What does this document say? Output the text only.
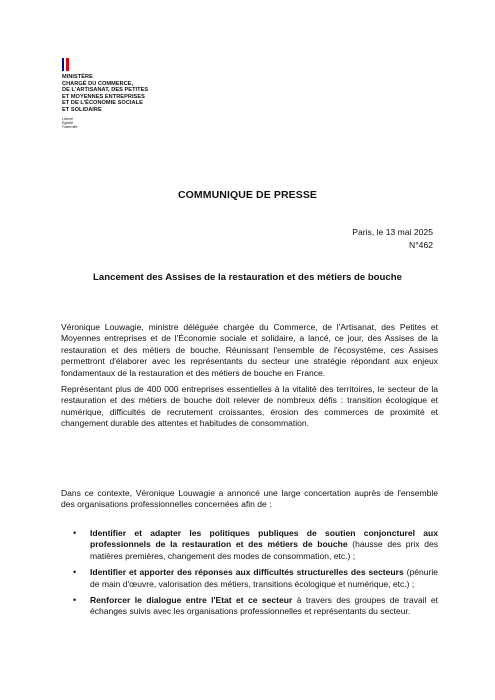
MINISTÈRE
CHARGÉ DU COMMERCE,
DE L'ARTISANAT, DES PETITES
ET MOYENNES ENTREPRISES
ET DE L'ÉCONOMIE SOCIALE
ET SOLIDAIRE
Liberté
Égalité
Fraternité
COMMUNIQUE DE PRESSE
Paris, le 13 mai 2025
N°462
Lancement des Assises de la restauration et des métiers de bouche
Véronique Louwagie, ministre déléguée chargée du Commerce, de l'Artisanat, des Petites et Moyennes entreprises et de l'Économie sociale et solidaire, a lancé, ce jour, des Assises de la restauration et des métiers de bouche. Réunissant l'ensemble de l'écosystème, ces Assises permettront d'élaborer avec les représentants du secteur une stratégie répondant aux enjeux fondamentaux de la restauration et des métiers de bouche en France.
Représentant plus de 400 000 entreprises essentielles à la vitalité des territoires, le secteur de la restauration et des métiers de bouche doit relever de nombreux défis : transition écologique et numérique, difficultés de recrutement croissantes, érosion des commerces de proximité et changement durable des attentes et habitudes de consommation.
Dans ce contexte, Véronique Louwagie a annoncé une large concertation auprès de l'ensemble des organisations professionnelles concernées afin de :
• Identifier et adapter les politiques publiques de soutien conjoncturel aux professionnels de la restauration et des métiers de bouche (hausse des prix des matières premières, changement des modes de consommation, etc.) ;
• Identifier et apporter des réponses aux difficultés structurelles des secteurs (pénurie de main d'œuvre, valorisation des métiers, transitions écologique et numérique, etc.) ;
• Renforcer le dialogue entre l'Etat et ce secteur à travers des groupes de travail et échanges suivis avec les organisations professionnelles et représentants du secteur.
